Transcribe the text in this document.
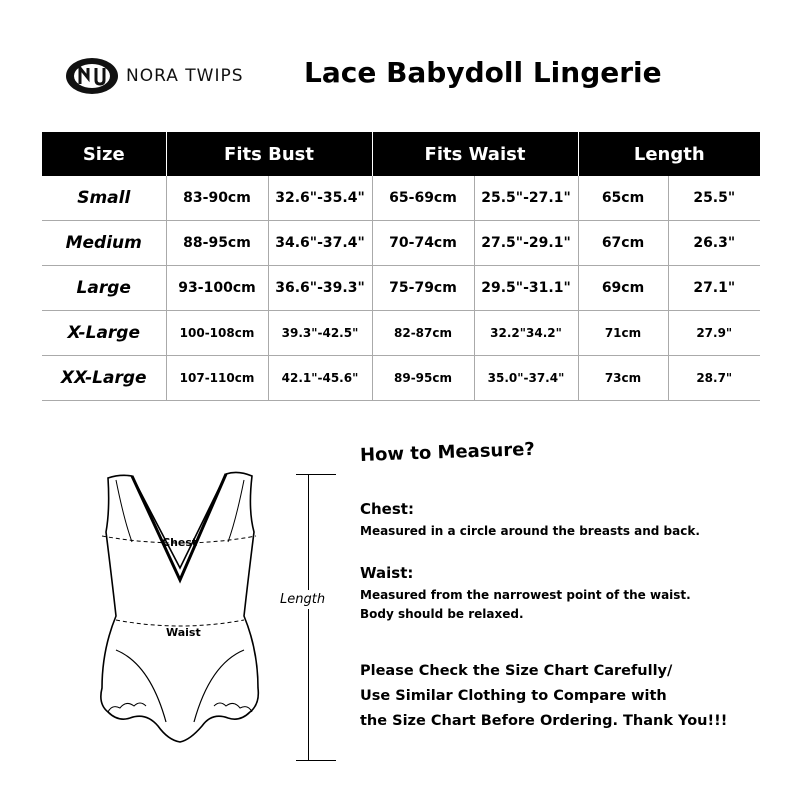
NORA TWIPS Lace Babydoll Lingerie
Size	Fits Bust		Fits Waist		Length	
Small	83-90cm	32.6"-35.4"	65-69cm	25.5"-27.1"	65cm	25.5"
Medium	88-95cm	34.6"-37.4"	70-74cm	27.5"-29.1"	67cm	26.3"
Large	93-100cm	36.6"-39.3"	75-79cm	29.5"-31.1"	69cm	27.1"
X-Large	100-108cm	39.3"-42.5"	82-87cm	32.2"34.2"	71cm	27.9"
XX-Large	107-110cm	42.1"-45.6"	89-95cm	35.0"-37.4"	73cm	28.7"
Chest
Waist
Length
How to Measure?
Chest:
Measured in a circle around the breasts and back.
Waist:
Measured from the narrowest point of the waist.
Body should be relaxed.
Please Check the Size Chart Carefully/
Use Similar Clothing to Compare with
the Size Chart Before Ordering. Thank You!!!
